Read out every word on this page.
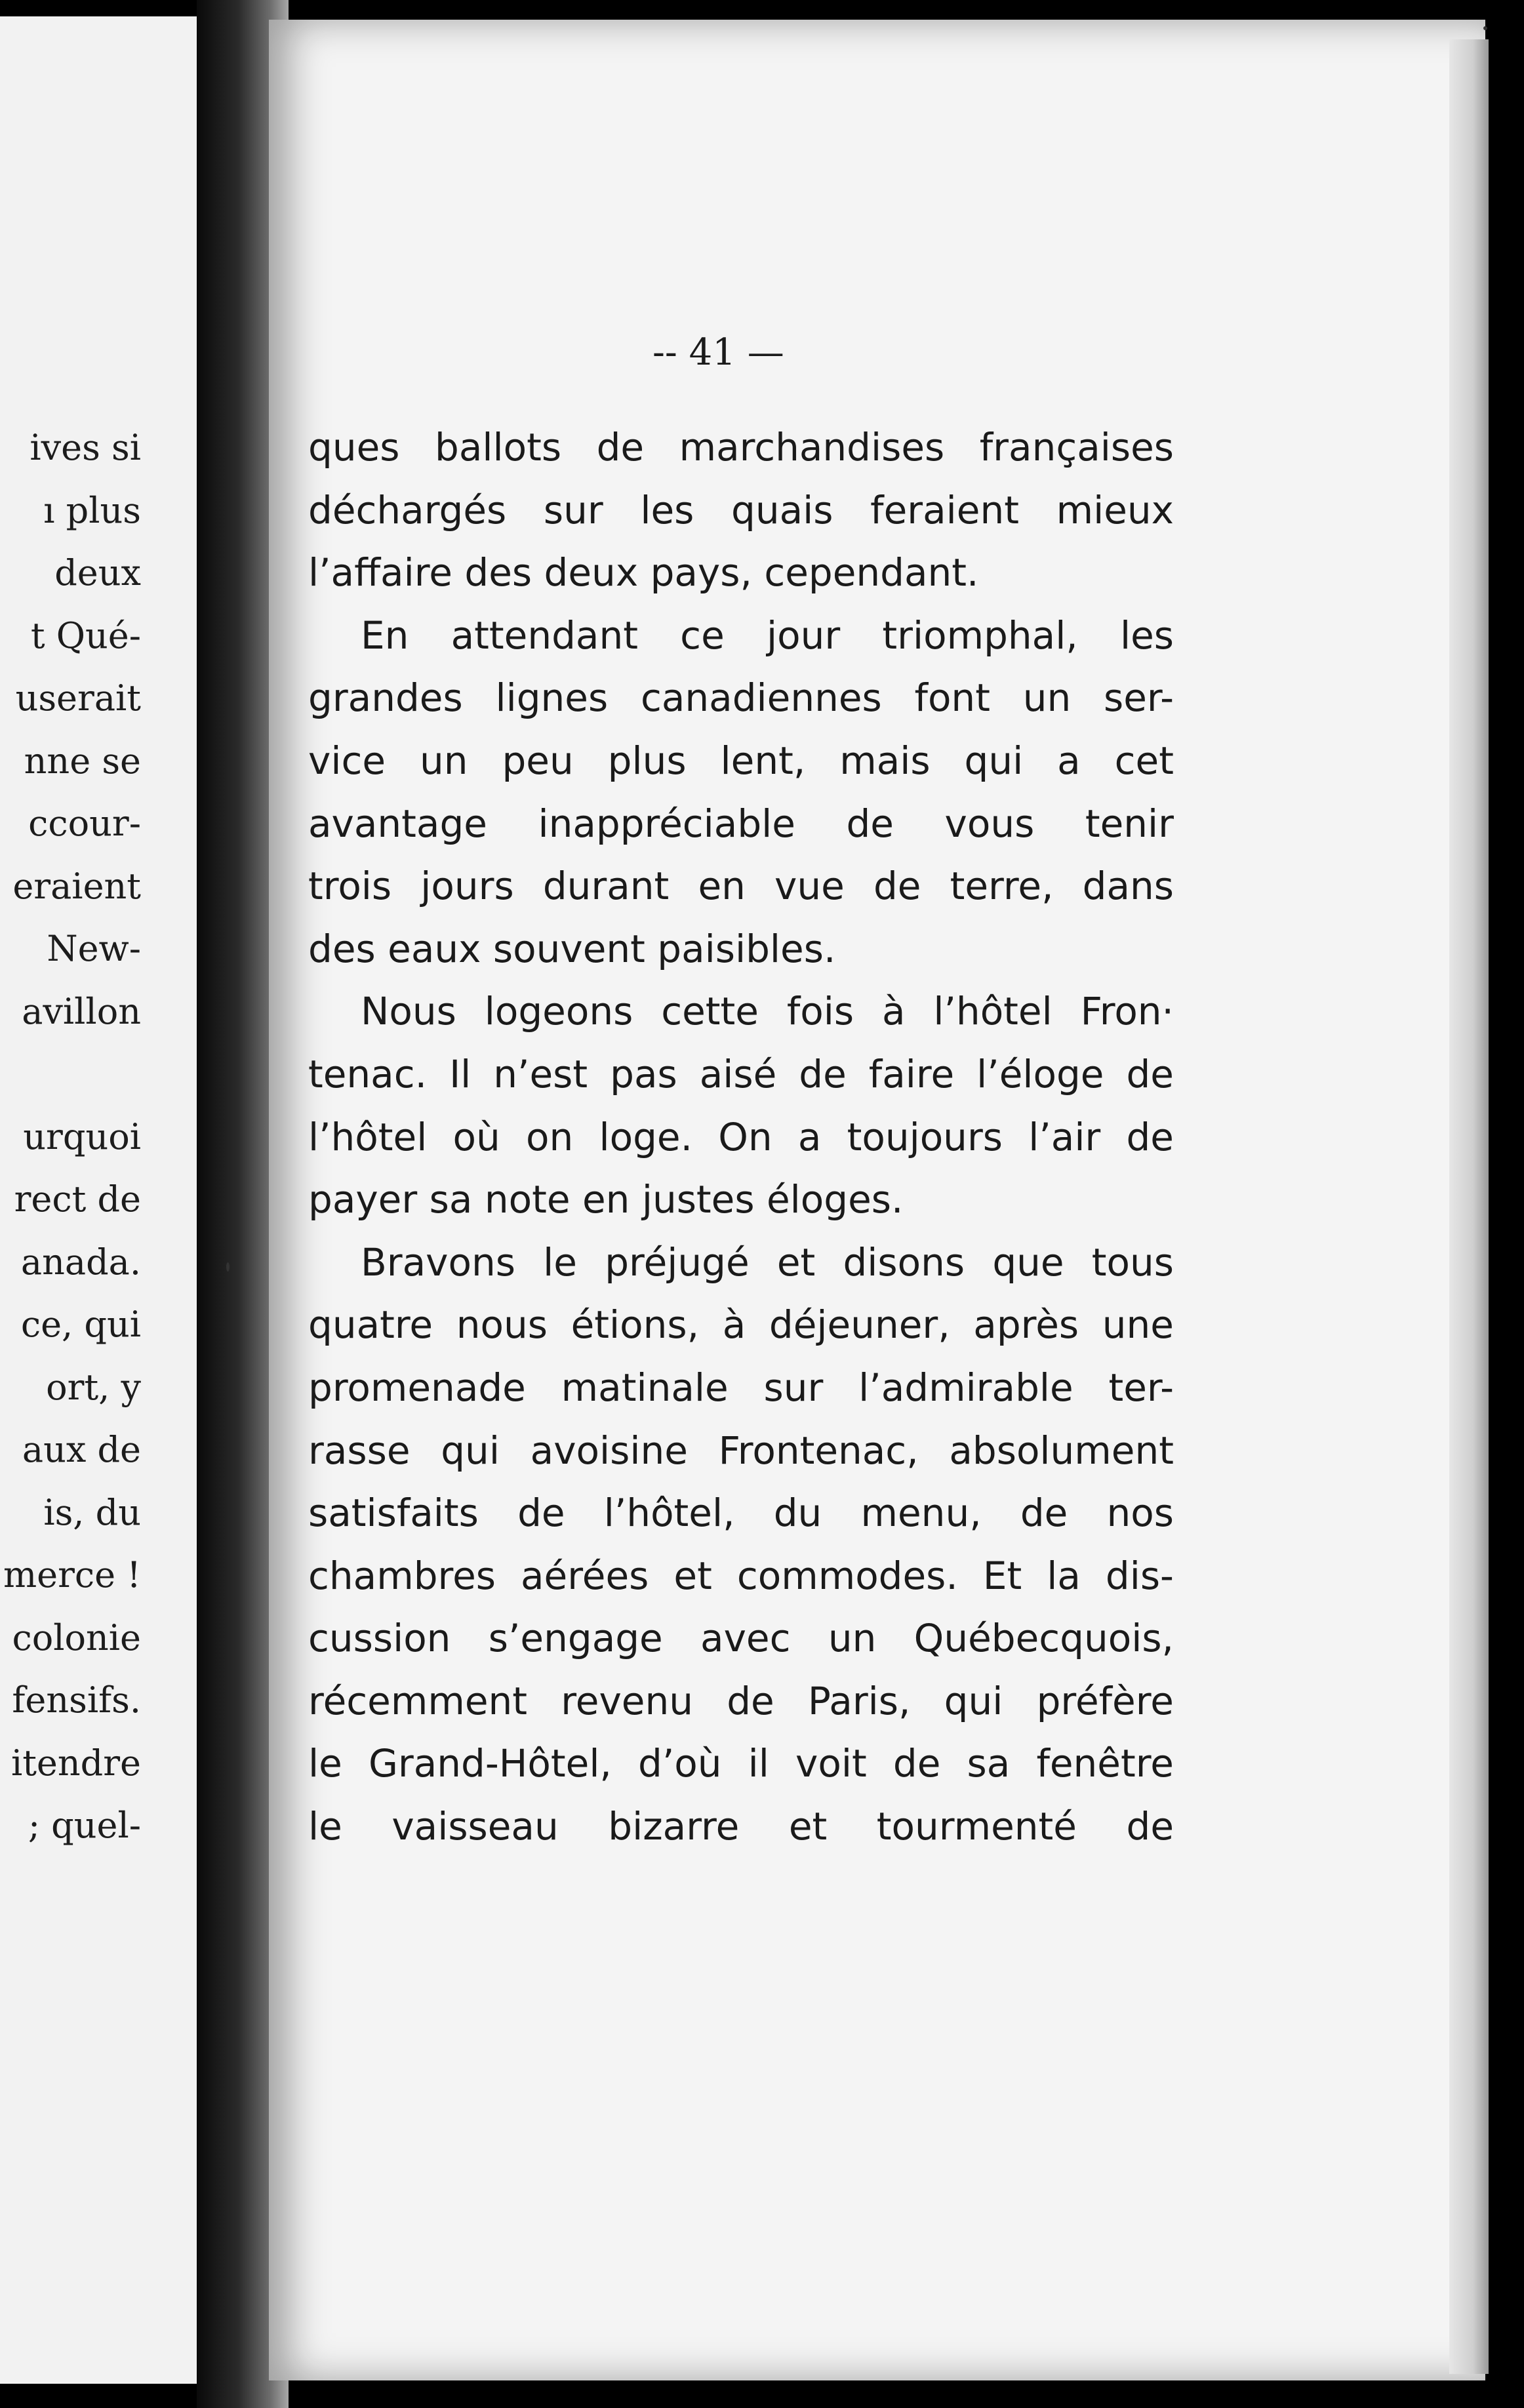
ives si
ı plus
deux
t Qué-
userait
nne se
ccour-
eraient
New-
avillon
urquoi
rect de
anada.
ce, qui
ort, y
aux de
is, du
merce !
colonie
fensifs.
itendre
; quel-
-- 41 —
ques ballots de marchandises françaises
déchargés sur les quais feraient mieux
l’affaire des deux pays, cependant.
En attendant ce jour triomphal, les
grandes lignes canadiennes font un ser-
vice un peu plus lent, mais qui a cet
avantage inappréciable de vous tenir
trois jours durant en vue de terre, dans
des eaux souvent paisibles.
Nous logeons cette fois à l’hôtel Fron·
tenac. Il n’est pas aisé de faire l’éloge de
l’hôtel où on loge. On a toujours l’air de
payer sa note en justes éloges.
Bravons le préjugé et disons que tous
quatre nous étions, à déjeuner, après une
promenade matinale sur l’admirable ter-
rasse qui avoisine Frontenac, absolument
satisfaits de l’hôtel, du menu, de nos
chambres aérées et commodes. Et la dis-
cussion s’engage avec un Québecquois,
récemment revenu de Paris, qui préfère
le Grand-Hôtel, d’où il voit de sa fenêtre
le vaisseau bizarre et tourmenté de
